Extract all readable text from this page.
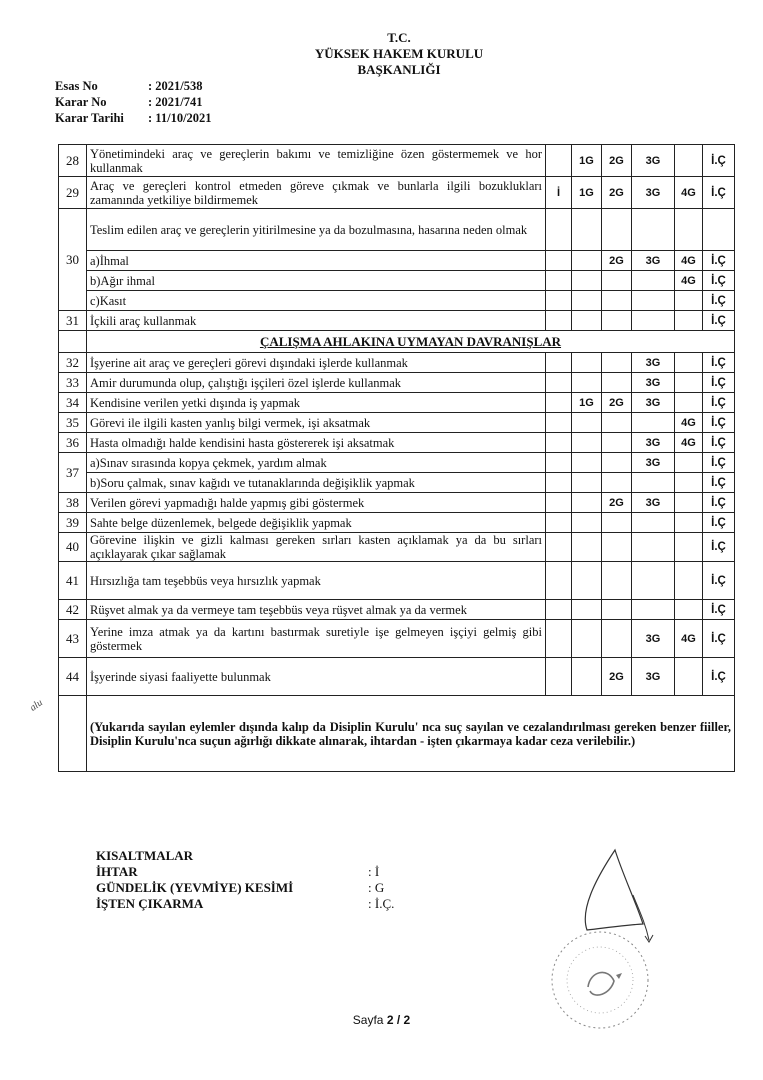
T.C.
YÜKSEK HAKEM KURULU
BAŞKANLIĞI
Esas No	: 2021/538
Karar No	: 2021/741
Karar Tarihi	: 11/10/2021
28	Yönetimindeki araç ve gereçlerin bakımı ve temizliğine özen göstermemek ve hor kullanmak		1G	2G	3G		İ.Ç
29	Araç ve gereçleri kontrol etmeden göreve çıkmak ve bunlarla ilgili bozuklukları zamanında yetkiliye bildirmemek	İ	1G	2G	3G	4G	İ.Ç
30	Teslim edilen araç ve gereçlerin yitirilmesine ya da bozulmasına, hasarına neden olmak						
	a)İhmal			2G	3G	4G	İ.Ç
	b)Ağır ihmal					4G	İ.Ç
	c)Kasıt						İ.Ç
31	İçkili araç kullanmak						İ.Ç
	ÇALIŞMA AHLAKINA UYMAYAN DAVRANIŞLAR						
32	İşyerine ait araç ve gereçleri görevi dışındaki işlerde kullanmak				3G		İ.Ç
33	Amir durumunda olup, çalıştığı işçileri özel işlerde kullanmak				3G		İ.Ç
34	Kendisine verilen yetki dışında iş yapmak		1G	2G	3G		İ.Ç
35	Görevi ile ilgili kasten yanlış bilgi vermek, işi aksatmak					4G	İ.Ç
36	Hasta olmadığı halde kendisini hasta göstererek işi aksatmak				3G	4G	İ.Ç
37	a)Sınav sırasında kopya çekmek, yardım almak				3G		İ.Ç
	b)Soru çalmak, sınav kağıdı ve tutanaklarında değişiklik yapmak						İ.Ç
38	Verilen görevi yapmadığı halde yapmış gibi göstermek			2G	3G		İ.Ç
39	Sahte belge düzenlemek, belgede değişiklik yapmak						İ.Ç
40	Görevine ilişkin ve gizli kalması gereken sırları kasten açıklamak ya da bu sırları açıklayarak çıkar sağlamak						İ.Ç
41	Hırsızlığa tam teşebbüs veya hırsızlık yapmak						İ.Ç
42	Rüşvet almak ya da vermeye tam teşebbüs veya rüşvet almak ya da vermek						İ.Ç
43	Yerine imza atmak ya da kartını bastırmak suretiyle işe gelmeyen işçiyi gelmiş gibi göstermek				3G	4G	İ.Ç
44	İşyerinde siyasi faaliyette bulunmak			2G	3G		İ.Ç
	(Yukarıda sayılan eylemler dışında kalıp da Disiplin Kurulu' nca suç sayılan ve cezalandırılması gereken benzer fiiller, Disiplin Kurulu'nca suçun ağırlığı dikkate alınarak, ihtardan - işten çıkarmaya kadar ceza verilebilir.)						
KISALTMALAR
İHTAR	: İ
GÜNDELİK (YEVMİYE) KESİMİ	: G
İŞTEN ÇIKARMA	: İ.Ç.
alu
Sayfa 2 / 2
